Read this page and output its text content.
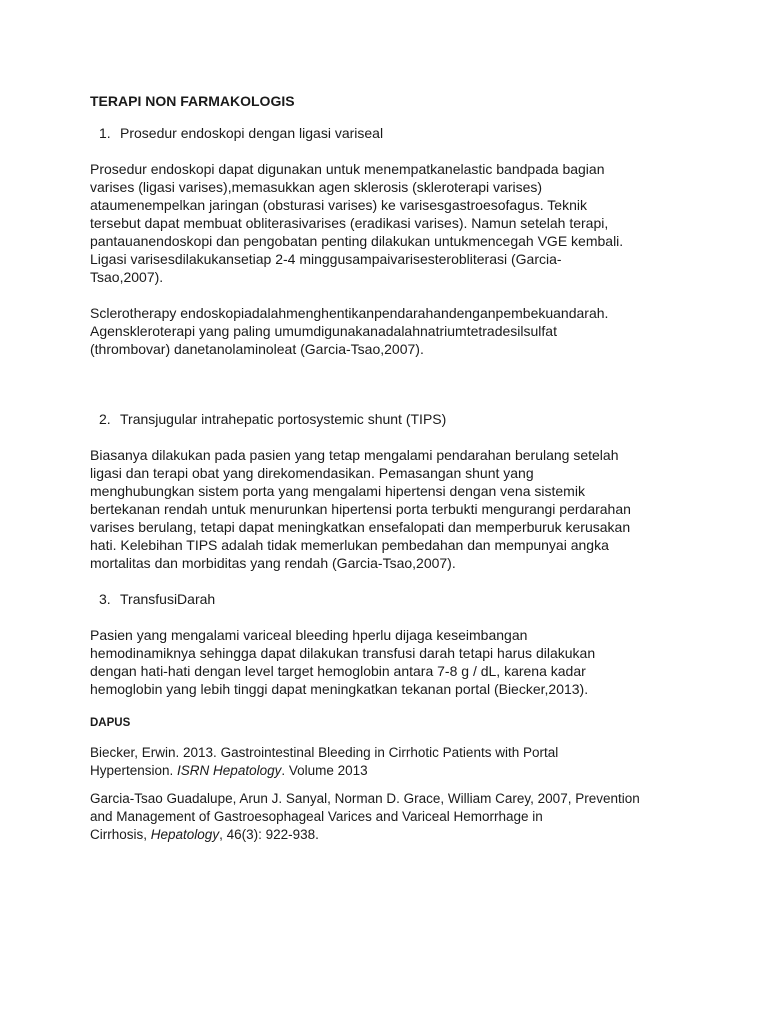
TERAPI NON FARMAKOLOGIS
1. Prosedur endoskopi dengan ligasi variseal

Prosedur endoskopi dapat digunakan untuk menempatkanelastic bandpada bagian
varises (ligasi varises),memasukkan agen sklerosis (skleroterapi varises)
ataumenempelkan jaringan (obsturasi varises) ke varisesgastroesofagus. Teknik
tersebut dapat membuat obliterasivarises (eradikasi varises). Namun setelah terapi,
pantauanendoskopi dan pengobatan penting dilakukan untukmencegah VGE kembali.
Ligasi varisesdilakukansetiap 2-4 minggusampaivarisesterobliterasi (Garcia-
Tsao,2007).

Sclerotherapy endoskopiadalahmenghentikanpendarahandenganpembekuandarah.
Agenskleroterapi yang paling umumdigunakanadalahnatriumtetradesilsulfat
(thrombovar) danetanolaminoleat (Garcia-Tsao,2007).

2. Transjugular intrahepatic portosystemic shunt (TIPS)

Biasanya dilakukan pada pasien yang tetap mengalami pendarahan berulang setelah
ligasi dan terapi obat yang direkomendasikan. Pemasangan shunt yang
menghubungkan sistem porta yang mengalami hipertensi dengan vena sistemik
bertekanan rendah untuk menurunkan hipertensi porta terbukti mengurangi perdarahan
varises berulang, tetapi dapat meningkatkan ensefalopati dan memperburuk kerusakan
hati. Kelebihan TIPS adalah tidak memerlukan pembedahan dan mempunyai angka
mortalitas dan morbiditas yang rendah (Garcia-Tsao,2007).

3. TransfusiDarah

Pasien yang mengalami variceal bleeding hperlu dijaga keseimbangan
hemodinamiknya sehingga dapat dilakukan transfusi darah tetapi harus dilakukan
dengan hati-hati dengan level target hemoglobin antara 7-8 g / dL, karena kadar
hemoglobin yang lebih tinggi dapat meningkatkan tekanan portal (Biecker,2013).

DAPUS

Biecker, Erwin. 2013. Gastrointestinal Bleeding in Cirrhotic Patients with Portal
Hypertension. ISRN Hepatology. Volume 2013

Garcia-Tsao Guadalupe, Arun J. Sanyal, Norman D. Grace, William Carey, 2007, Prevention
and Management of Gastroesophageal Varices and Variceal Hemorrhage in
Cirrhosis, Hepatology, 46(3): 922-938.
